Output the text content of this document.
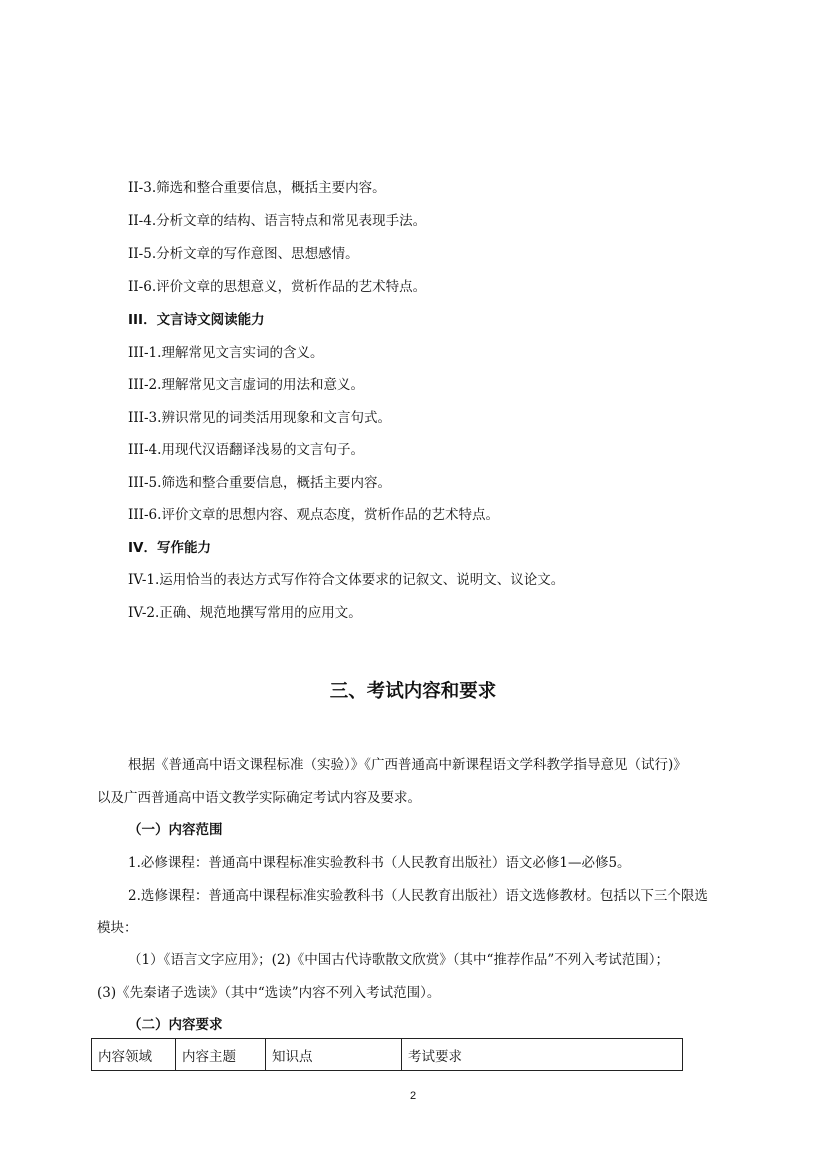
II-3.筛选和整合重要信息，概括主要内容。
II-4.分析文章的结构、语言特点和常见表现手法。
II-5.分析文章的写作意图、思想感情。
II-6.评价文章的思想意义，赏析作品的艺术特点。
III．文言诗文阅读能力
III-1.理解常见文言实词的含义。
III-2.理解常见文言虚词的用法和意义。
III-3.辨识常见的词类活用现象和文言句式。
III-4.用现代汉语翻译浅易的文言句子。
III-5.筛选和整合重要信息，概括主要内容。
III-6.评价文章的思想内容、观点态度，赏析作品的艺术特点。
IV．写作能力
IV-1.运用恰当的表达方式写作符合文体要求的记叙文、说明文、议论文。
IV-2.正确、规范地撰写常用的应用文。
三、考试内容和要求
根据《普通高中语文课程标准（实验）》《广西普通高中新课程语文学科教学指导意见（试行)》
以及广西普通高中语文教学实际确定考试内容及要求。
（一）内容范围
1.必修课程：普通高中课程标准实验教科书（人民教育出版社）语文必修1—必修5。
2.选修课程：普通高中课程标准实验教科书（人民教育出版社）语文选修教材。包括以下三个限选
模块：
（1）《语言文字应用》；(2)《中国古代诗歌散文欣赏》（其中“推荐作品”不列入考试范围）；
(3)《先秦诸子选读》（其中“选读”内容不列入考试范围）。
（二）内容要求
内容领域	内容主题	知识点	考试要求
2
